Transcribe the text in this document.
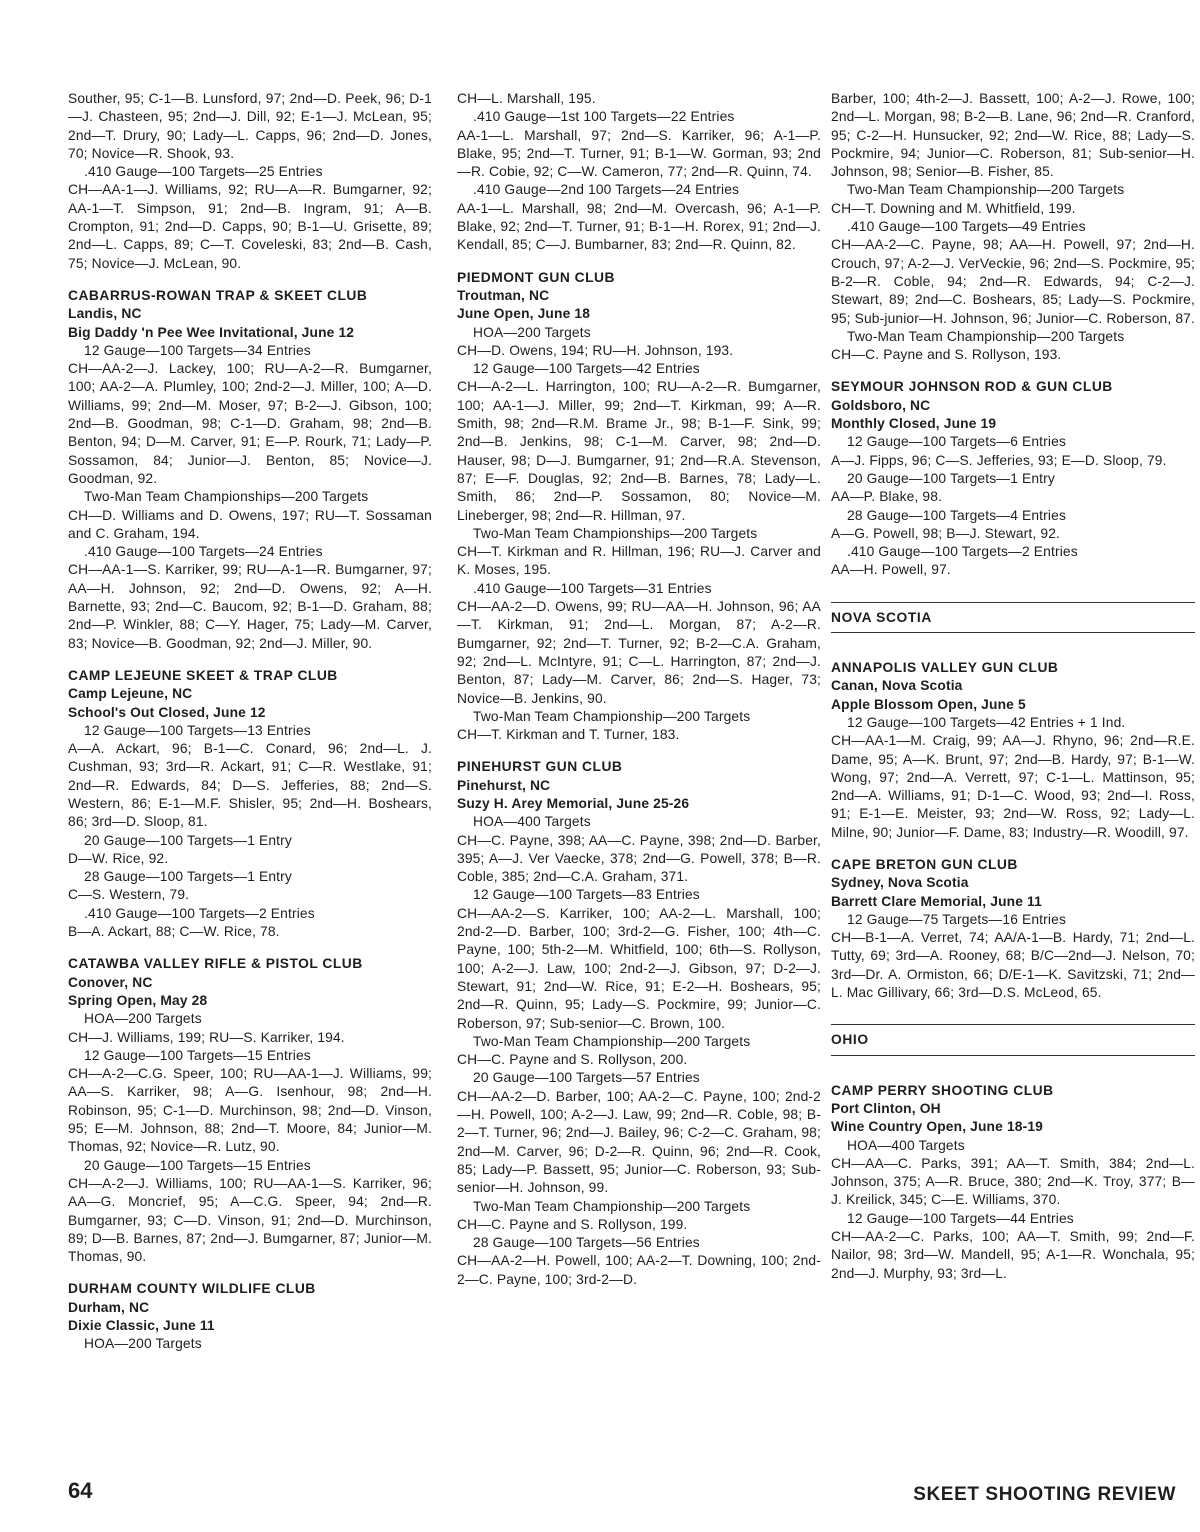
Souther, 95; C-1—B. Lunsford, 97; 2nd—D. Peek, 96; D-1—J. Chasteen, 95; 2nd—J. Dill, 92; E-1—J. McLean, 95; 2nd—T. Drury, 90; Lady—L. Capps, 96; 2nd—D. Jones, 70; Novice—R. Shook, 93.
.410 Gauge—100 Targets—25 Entries
CH—AA-1—J. Williams, 92; RU—A—R. Bumgarner, 92; AA-1—T. Simpson, 91; 2nd—B. Ingram, 91; A—B. Crompton, 91; 2nd—D. Capps, 90; B-1—U. Grisette, 89; 2nd—L. Capps, 89; C—T. Coveleski, 83; 2nd—B. Cash, 75; Novice—J. McLean, 90.
CABARRUS-ROWAN TRAP & SKEET CLUB
Landis, NC
Big Daddy 'n Pee Wee Invitational, June 12
12 Gauge—100 Targets—34 Entries
CH—AA-2—J. Lackey, 100; RU—A-2—R. Bumgarner, 100; AA-2—A. Plumley, 100; 2nd-2—J. Miller, 100; A—D. Williams, 99; 2nd—M. Moser, 97; B-2—J. Gibson, 100; 2nd—B. Goodman, 98; C-1—D. Graham, 98; 2nd—B. Benton, 94; D—M. Carver, 91; E—P. Rourk, 71; Lady—P. Sossamon, 84; Junior—J. Benton, 85; Novice—J. Goodman, 92.
Two-Man Team Championships—200 Targets
CH—D. Williams and D. Owens, 197; RU—T. Sossaman and C. Graham, 194.
.410 Gauge—100 Targets—24 Entries
CH—AA-1—S. Karriker, 99; RU—A-1—R. Bumgarner, 97; AA—H. Johnson, 92; 2nd—D. Owens, 92; A—H. Barnette, 93; 2nd—C. Baucom, 92; B-1—D. Graham, 88; 2nd—P. Winkler, 88; C—Y. Hager, 75; Lady—M. Carver, 83; Novice—B. Goodman, 92; 2nd—J. Miller, 90.
CAMP LEJEUNE SKEET & TRAP CLUB
Camp Lejeune, NC
School's Out Closed, June 12
12 Gauge—100 Targets—13 Entries
A—A. Ackart, 96; B-1—C. Conard, 96; 2nd—L. J. Cushman, 93; 3rd—R. Ackart, 91; C—R. Westlake, 91; 2nd—R. Edwards, 84; D—S. Jefferies, 88; 2nd—S. Western, 86; E-1—M.F. Shisler, 95; 2nd—H. Boshears, 86; 3rd—D. Sloop, 81.
20 Gauge—100 Targets—1 Entry
D—W. Rice, 92.
28 Gauge—100 Targets—1 Entry
C—S. Western, 79.
.410 Gauge—100 Targets—2 Entries
B—A. Ackart, 88; C—W. Rice, 78.
CATAWBA VALLEY RIFLE & PISTOL CLUB
Conover, NC
Spring Open, May 28
HOA—200 Targets
CH—J. Williams, 199; RU—S. Karriker, 194.
12 Gauge—100 Targets—15 Entries
CH—A-2—C.G. Speer, 100; RU—AA-1—J. Williams, 99; AA—S. Karriker, 98; A—G. Isenhour, 98; 2nd—H. Robinson, 95; C-1—D. Murchinson, 98; 2nd—D. Vinson, 95; E—M. Johnson, 88; 2nd—T. Moore, 84; Junior—M. Thomas, 92; Novice—R. Lutz, 90.
20 Gauge—100 Targets—15 Entries
CH—A-2—J. Williams, 100; RU—AA-1—S. Karriker, 96; AA—G. Moncrief, 95; A—C.G. Speer, 94; 2nd—R. Bumgarner, 93; C—D. Vinson, 91; 2nd—D. Murchinson, 89; D—B. Barnes, 87; 2nd—J. Bumgarner, 87; Junior—M. Thomas, 90.
DURHAM COUNTY WILDLIFE CLUB
Durham, NC
Dixie Classic, June 11
HOA—200 Targets
CH—L. Marshall, 195.
.410 Gauge—1st 100 Targets—22 Entries
AA-1—L. Marshall, 97; 2nd—S. Karriker, 96; A-1—P. Blake, 95; 2nd—T. Turner, 91; B-1—W. Gorman, 93; 2nd—R. Cobie, 92; C—W. Cameron, 77; 2nd—R. Quinn, 74.
.410 Gauge—2nd 100 Targets—24 Entries
AA-1—L. Marshall, 98; 2nd—M. Overcash, 96; A-1—P. Blake, 92; 2nd—T. Turner, 91; B-1—H. Rorex, 91; 2nd—J. Kendall, 85; C—J. Bumbarner, 83; 2nd—R. Quinn, 82.
PIEDMONT GUN CLUB
Troutman, NC
June Open, June 18
HOA—200 Targets
CH—D. Owens, 194; RU—H. Johnson, 193.
12 Gauge—100 Targets—42 Entries
CH—A-2—L. Harrington, 100; RU—A-2—R. Bumgarner, 100; AA-1—J. Miller, 99; 2nd—T. Kirkman, 99; A—R. Smith, 98; 2nd—R.M. Brame Jr., 98; B-1—F. Sink, 99; 2nd—B. Jenkins, 98; C-1—M. Carver, 98; 2nd—D. Hauser, 98; D—J. Bumgarner, 91; 2nd—R.A. Stevenson, 87; E—F. Douglas, 92; 2nd—B. Barnes, 78; Lady—L. Smith, 86; 2nd—P. Sossamon, 80; Novice—M. Lineberger, 98; 2nd—R. Hillman, 97.
Two-Man Team Championships—200 Targets
CH—T. Kirkman and R. Hillman, 196; RU—J. Carver and K. Moses, 195.
.410 Gauge—100 Targets—31 Entries
CH—AA-2—D. Owens, 99; RU—AA—H. Johnson, 96; AA—T. Kirkman, 91; 2nd—L. Morgan, 87; A-2—R. Bumgarner, 92; 2nd—T. Turner, 92; B-2—C.A. Graham, 92; 2nd—L. McIntyre, 91; C—L. Harrington, 87; 2nd—J. Benton, 87; Lady—M. Carver, 86; 2nd—S. Hager, 73; Novice—B. Jenkins, 90.
Two-Man Team Championship—200 Targets
CH—T. Kirkman and T. Turner, 183.
PINEHURST GUN CLUB
Pinehurst, NC
Suzy H. Arey Memorial, June 25-26
HOA—400 Targets
CH—C. Payne, 398; AA—C. Payne, 398; 2nd—D. Barber, 395; A—J. Ver Vaecke, 378; 2nd—G. Powell, 378; B—R. Coble, 385; 2nd—C.A. Graham, 371.
12 Gauge—100 Targets—83 Entries
CH—AA-2—S. Karriker, 100; AA-2—L. Marshall, 100; 2nd-2—D. Barber, 100; 3rd-2—G. Fisher, 100; 4th—C. Payne, 100; 5th-2—M. Whitfield, 100; 6th—S. Rollyson, 100; A-2—J. Law, 100; 2nd-2—J. Gibson, 97; D-2—J. Stewart, 91; 2nd—W. Rice, 91; E-2—H. Boshears, 95; 2nd—R. Quinn, 95; Lady—S. Pockmire, 99; Junior—C. Roberson, 97; Sub-senior—C. Brown, 100.
Two-Man Team Championship—200 Targets
CH—C. Payne and S. Rollyson, 200.
20 Gauge—100 Targets—57 Entries
CH—AA-2—D. Barber, 100; AA-2—C. Payne, 100; 2nd-2—H. Powell, 100; A-2—J. Law, 99; 2nd—R. Coble, 98; B-2—T. Turner, 96; 2nd—J. Bailey, 96; C-2—C. Graham, 98; 2nd—M. Carver, 96; D-2—R. Quinn, 96; 2nd—R. Cook, 85; Lady—P. Bassett, 95; Junior—C. Roberson, 93; Sub-senior—H. Johnson, 99.
Two-Man Team Championship—200 Targets
CH—C. Payne and S. Rollyson, 199.
28 Gauge—100 Targets—56 Entries
CH—AA-2—H. Powell, 100; AA-2—T. Downing, 100; 2nd-2—C. Payne, 100; 3rd-2—D.
Barber, 100; 4th-2—J. Bassett, 100; A-2—J. Rowe, 100; 2nd—L. Morgan, 98; B-2—B. Lane, 96; 2nd—R. Cranford, 95; C-2—H. Hunsucker, 92; 2nd—W. Rice, 88; Lady—S. Pockmire, 94; Junior—C. Roberson, 81; Sub-senior—H. Johnson, 98; Senior—B. Fisher, 85.
Two-Man Team Championship—200 Targets
CH—T. Downing and M. Whitfield, 199.
.410 Gauge—100 Targets—49 Entries
CH—AA-2—C. Payne, 98; AA—H. Powell, 97; 2nd—H. Crouch, 97; A-2—J. VerVeckie, 96; 2nd—S. Pockmire, 95; B-2—R. Coble, 94; 2nd—R. Edwards, 94; C-2—J. Stewart, 89; 2nd—C. Boshears, 85; Lady—S. Pockmire, 95; Sub-junior—H. Johnson, 96; Junior—C. Roberson, 87.
Two-Man Team Championship—200 Targets
CH—C. Payne and S. Rollyson, 193.
SEYMOUR JOHNSON ROD & GUN CLUB
Goldsboro, NC
Monthly Closed, June 19
12 Gauge—100 Targets—6 Entries
A—J. Fipps, 96; C—S. Jefferies, 93; E—D. Sloop, 79.
20 Gauge—100 Targets—1 Entry
AA—P. Blake, 98.
28 Gauge—100 Targets—4 Entries
A—G. Powell, 98; B—J. Stewart, 92.
.410 Gauge—100 Targets—2 Entries
AA—H. Powell, 97.
NOVA SCOTIA
ANNAPOLIS VALLEY GUN CLUB
Canan, Nova Scotia
Apple Blossom Open, June 5
12 Gauge—100 Targets—42 Entries + 1 Ind.
CH—AA-1—M. Craig, 99; AA—J. Rhyno, 96; 2nd—R.E. Dame, 95; A—K. Brunt, 97; 2nd—B. Hardy, 97; B-1—W. Wong, 97; 2nd—A. Verrett, 97; C-1—L. Mattinson, 95; 2nd—A. Williams, 91; D-1—C. Wood, 93; 2nd—I. Ross, 91; E-1—E. Meister, 93; 2nd—W. Ross, 92; Lady—L. Milne, 90; Junior—F. Dame, 83; Industry—R. Woodill, 97.
CAPE BRETON GUN CLUB
Sydney, Nova Scotia
Barrett Clare Memorial, June 11
12 Gauge—75 Targets—16 Entries
CH—B-1—A. Verret, 74; AA/A-1—B. Hardy, 71; 2nd—L. Tutty, 69; 3rd—A. Rooney, 68; B/C—2nd—J. Nelson, 70; 3rd—Dr. A. Ormiston, 66; D/E-1—K. Savitzski, 71; 2nd—L. Mac Gillivary, 66; 3rd—D.S. McLeod, 65.
OHIO
CAMP PERRY SHOOTING CLUB
Port Clinton, OH
Wine Country Open, June 18-19
HOA—400 Targets
CH—AA—C. Parks, 391; AA—T. Smith, 384; 2nd—L. Johnson, 375; A—R. Bruce, 380; 2nd—K. Troy, 377; B—J. Kreilick, 345; C—E. Williams, 370.
12 Gauge—100 Targets—44 Entries
CH—AA-2—C. Parks, 100; AA—T. Smith, 99; 2nd—F. Nailor, 98; 3rd—W. Mandell, 95; A-1—R. Wonchala, 95; 2nd—J. Murphy, 93; 3rd—L.
64	SKEET SHOOTING REVIEW
